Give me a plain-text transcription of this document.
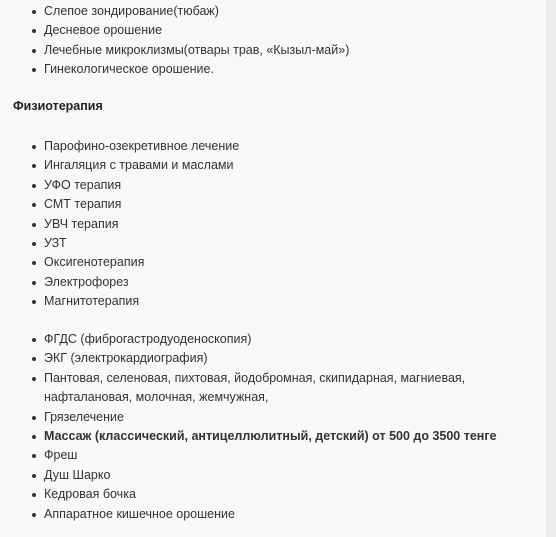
Слепое зондирование(тюбаж)
Десневое орошение
Лечебные микроклизмы(отвары трав, «Кызыл-май»)
Гинекологическое орошение.
Физиотерапия
Парофино-озекретивное лечение
Ингаляция с травами и маслами
УФО терапия
СМТ терапия
УВЧ терапия
УЗТ
Оксигенотерапия
Электрофорез
Магнитотерапия
ФГДС (фиброгастродуоденоскопия)
ЭКГ (электрокардиография)
Пантовая, селеновая, пихтовая, йодобромная, скипидарная, магниевая,
нафталановая, молочная, жемчужная,
Грязелечение
Массаж (классический, антицеллюлитный, детский) от 500 до 3500 тенге
Фреш
Душ Шарко
Кедровая бочка
Аппаратное кишечное орошение
